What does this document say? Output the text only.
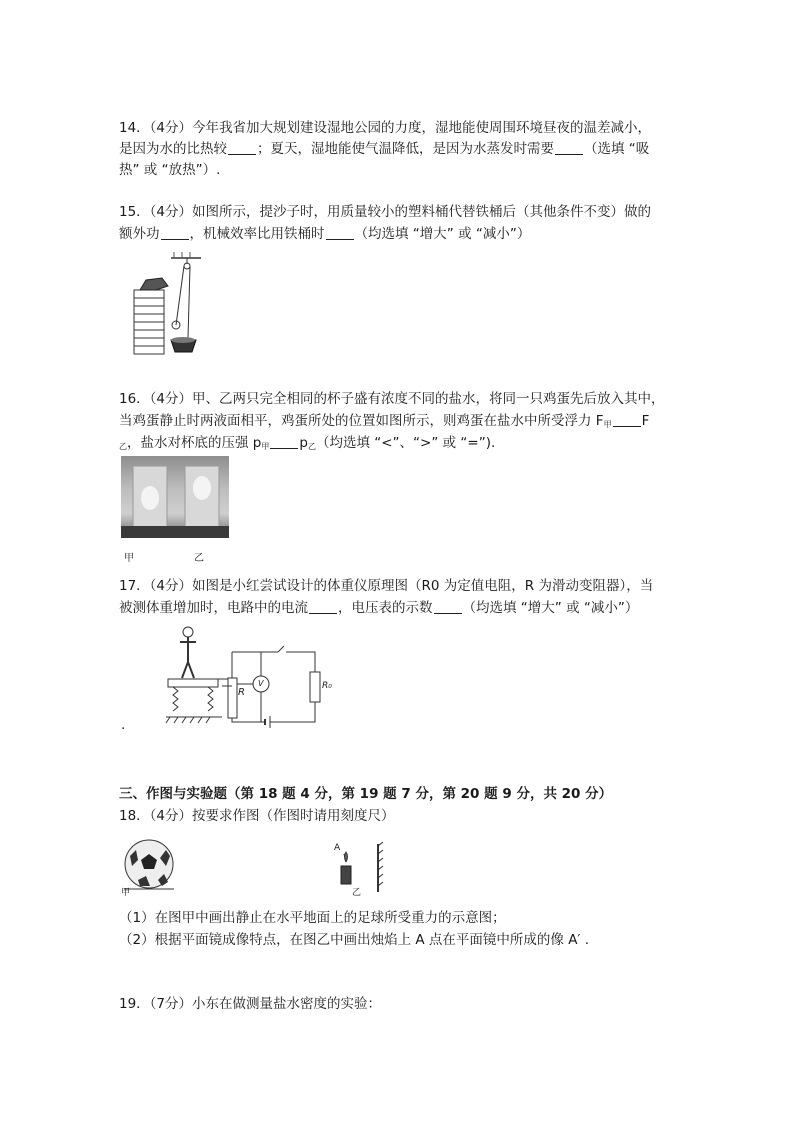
14．（4分）今年我省加大规划建设湿地公园的力度，湿地能使周围环境昼夜的温差减小，
是因为水的比热较 ；夏天，湿地能使气温降低，是因为水蒸发时需要 （选填 “吸
热” 或 “放热”）.
15．（4分）如图所示，提沙子时，用质量较小的塑料桶代替铁桶后（其他条件不变）做的
额外功 ，机械效率比用铁桶时 （均选填 “增大” 或 “减小”）
16．（4分）甲、乙两只完全相同的杯子盛有浓度不同的盐水，将同一只鸡蛋先后放入其中，
当鸡蛋静止时两液面相平，鸡蛋所处的位置如图所示，则鸡蛋在盐水中所受浮力 $F_甲$ F
$_乙$，盐水对杯底的压强 $p_甲$ $p_乙$（均选填 “<”、“>” 或 “=”).
甲	乙
17．（4分）如图是小红尝试设计的体重仪原理图（R0 为定值电阻，R 为滑动变阻器），当
被测体重增加时，电路中的电流 ，电压表的示数 （均选填 “增大” 或 “减小”）
R
V	R₀
.
三、作图与实验题（第 18 题 4 分，第 19 题 7 分，第 20 题 9 分，共 20 分）
18．（4分）按要求作图（作图时请用刻度尺）
甲
A
乙
（1）在图甲中画出静止在水平地面上的足球所受重力的示意图；
（2）根据平面镜成像特点，在图乙中画出烛焰上 A 点在平面镜中所成的像 A′ .
19．（7分）小东在做测量盐水密度的实验：
